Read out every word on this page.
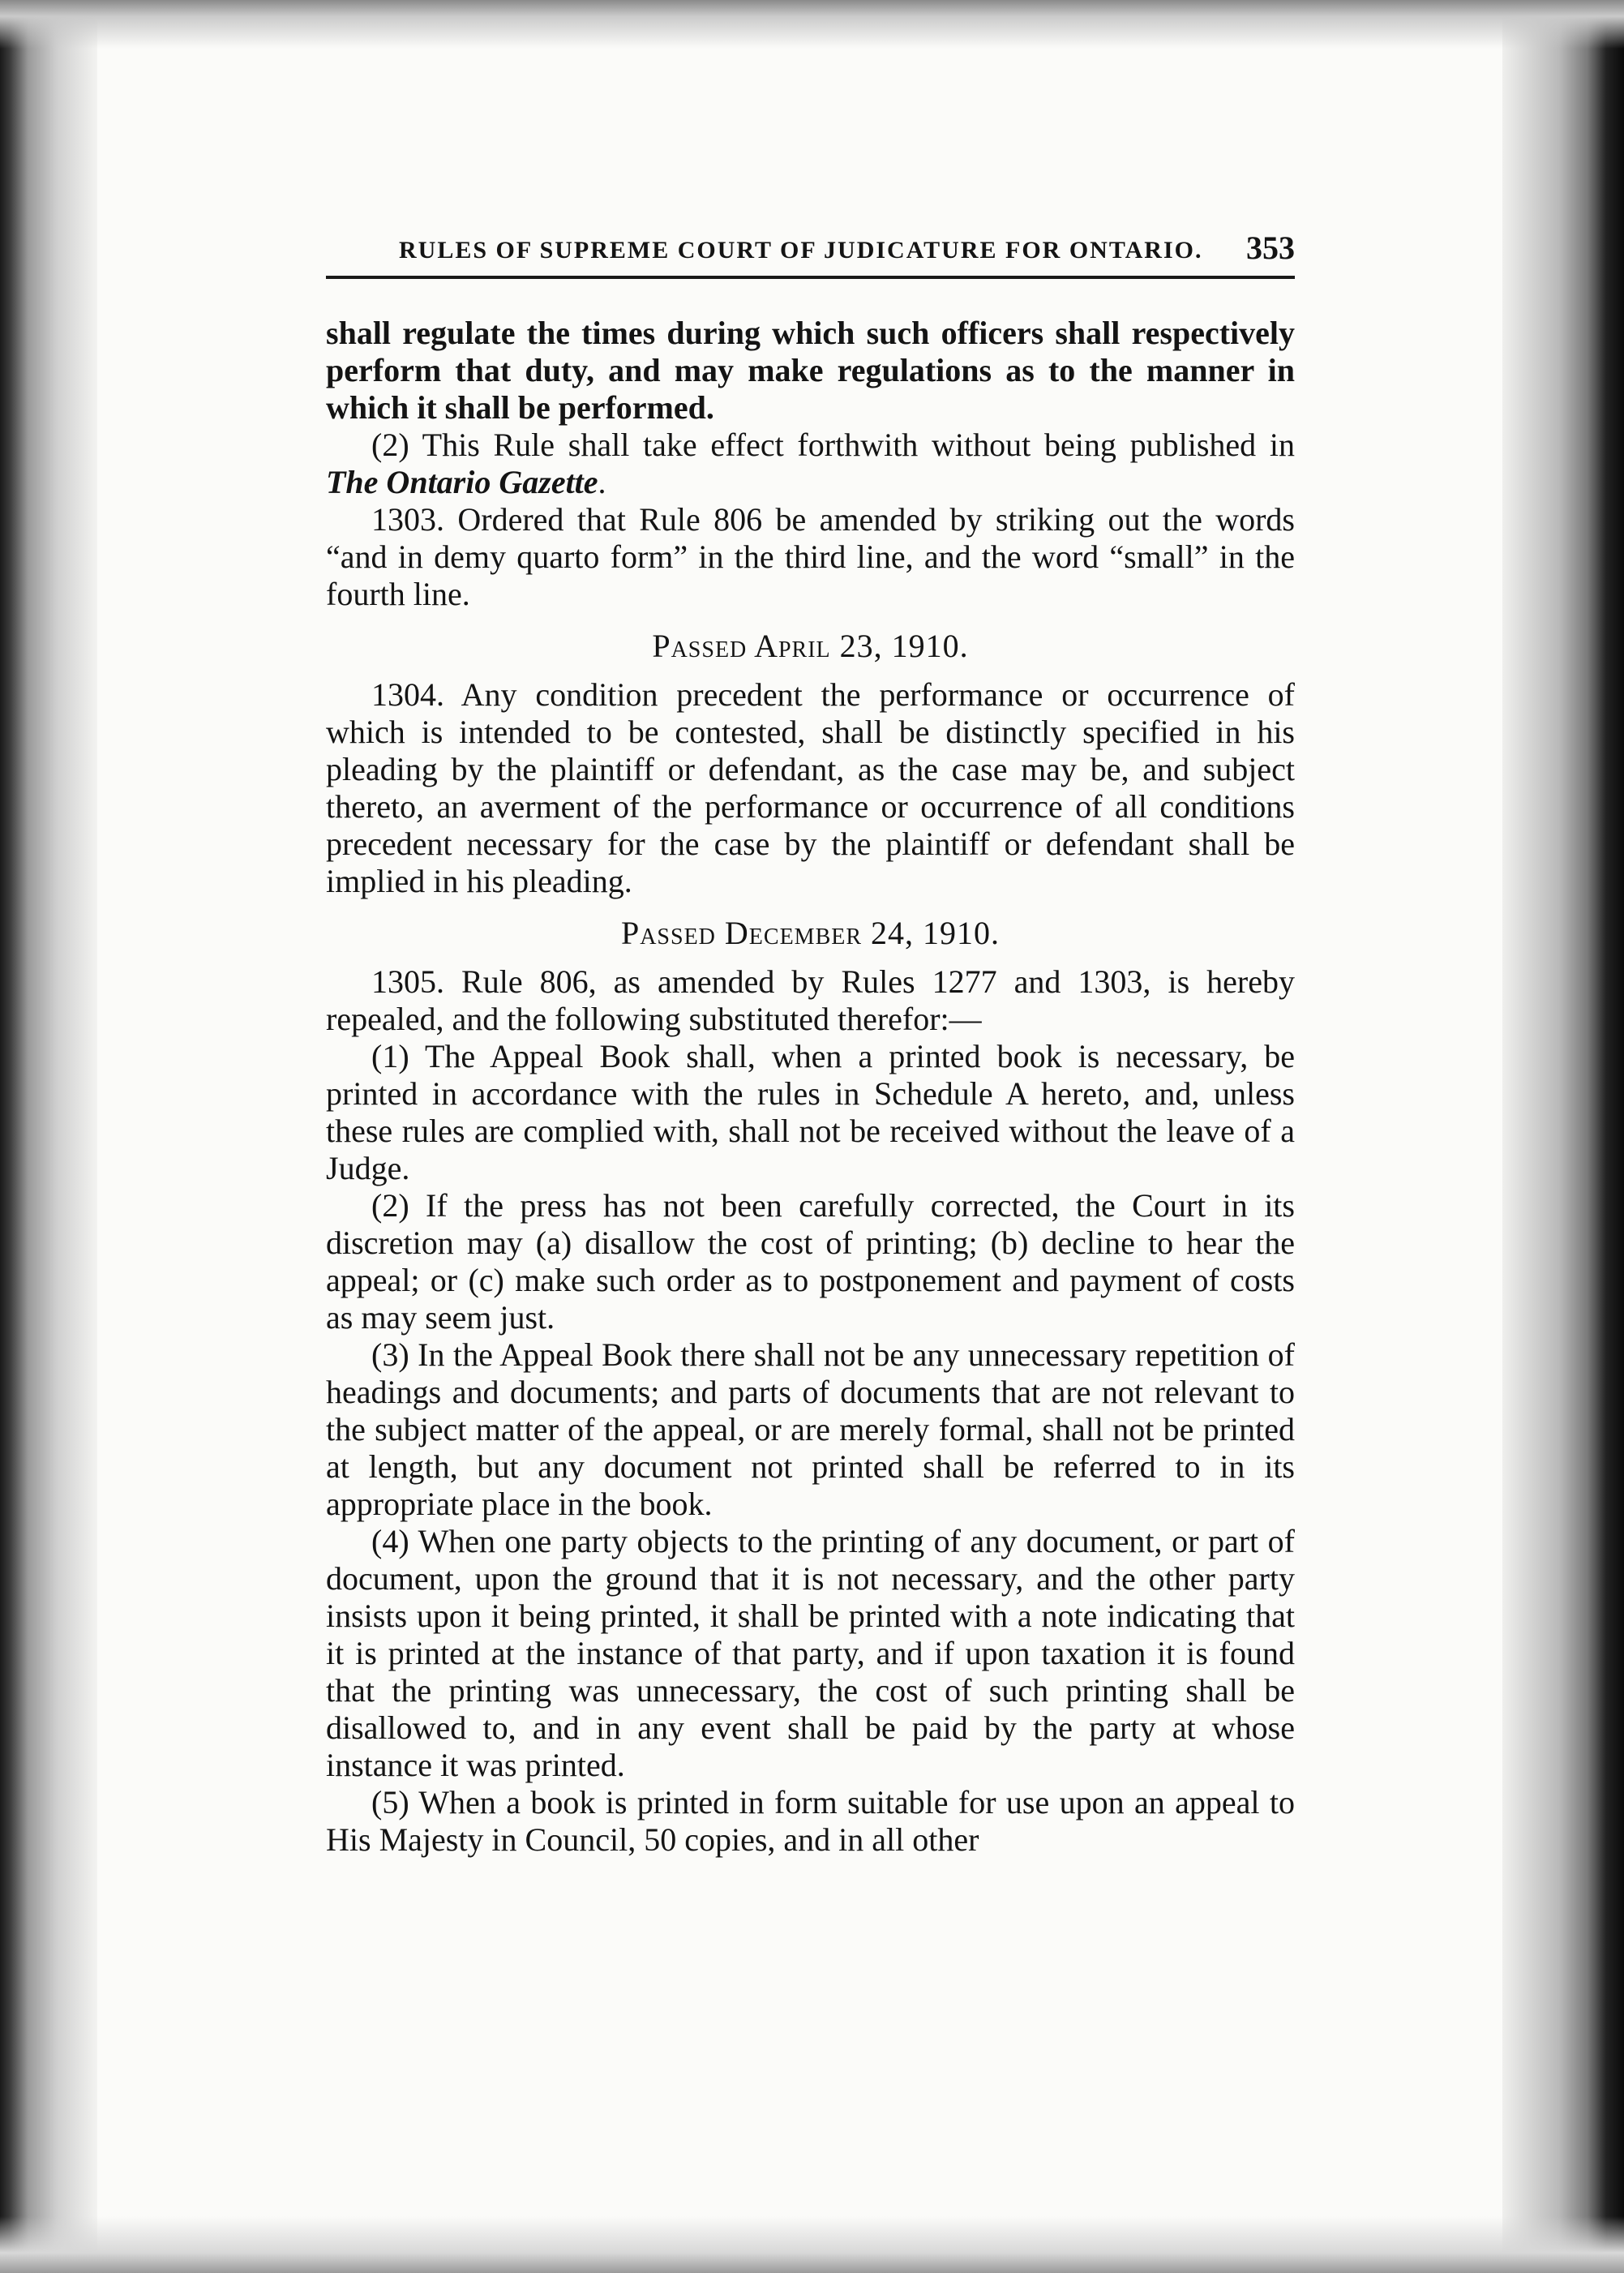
RULES OF SUPREME COURT OF JUDICATURE FOR ONTARIO. 353

shall regulate the times during which such officers shall respectively perform that duty, and may make regulations as to the manner in which it shall be performed.

(2) This Rule shall take effect forthwith without being published in The Ontario Gazette.

1303. Ordered that Rule 806 be amended by striking out the words “and in demy quarto form” in the third line, and the word “small” in the fourth line.

Passed April 23, 1910.

1304. Any condition precedent the performance or occurrence of which is intended to be contested, shall be distinctly specified in his pleading by the plaintiff or defendant, as the case may be, and subject thereto, an averment of the performance or occurrence of all conditions precedent necessary for the case by the plaintiff or defendant shall be implied in his pleading.

Passed December 24, 1910.

1305. Rule 806, as amended by Rules 1277 and 1303, is hereby repealed, and the following substituted therefor:—

(1) The Appeal Book shall, when a printed book is necessary, be printed in accordance with the rules in Schedule A hereto, and, unless these rules are complied with, shall not be received without the leave of a Judge.

(2) If the press has not been carefully corrected, the Court in its discretion may (a) disallow the cost of printing; (b) decline to hear the appeal; or (c) make such order as to postponement and payment of costs as may seem just.

(3) In the Appeal Book there shall not be any unnecessary repetition of headings and documents; and parts of documents that are not relevant to the subject matter of the appeal, or are merely formal, shall not be printed at length, but any document not printed shall be referred to in its appropriate place in the book.

(4) When one party objects to the printing of any document, or part of document, upon the ground that it is not necessary, and the other party insists upon it being printed, it shall be printed with a note indicating that it is printed at the instance of that party, and if upon taxation it is found that the printing was unnecessary, the cost of such printing shall be disallowed to, and in any event shall be paid by the party at whose instance it was printed.

(5) When a book is printed in form suitable for use upon an appeal to His Majesty in Council, 50 copies, and in all other
